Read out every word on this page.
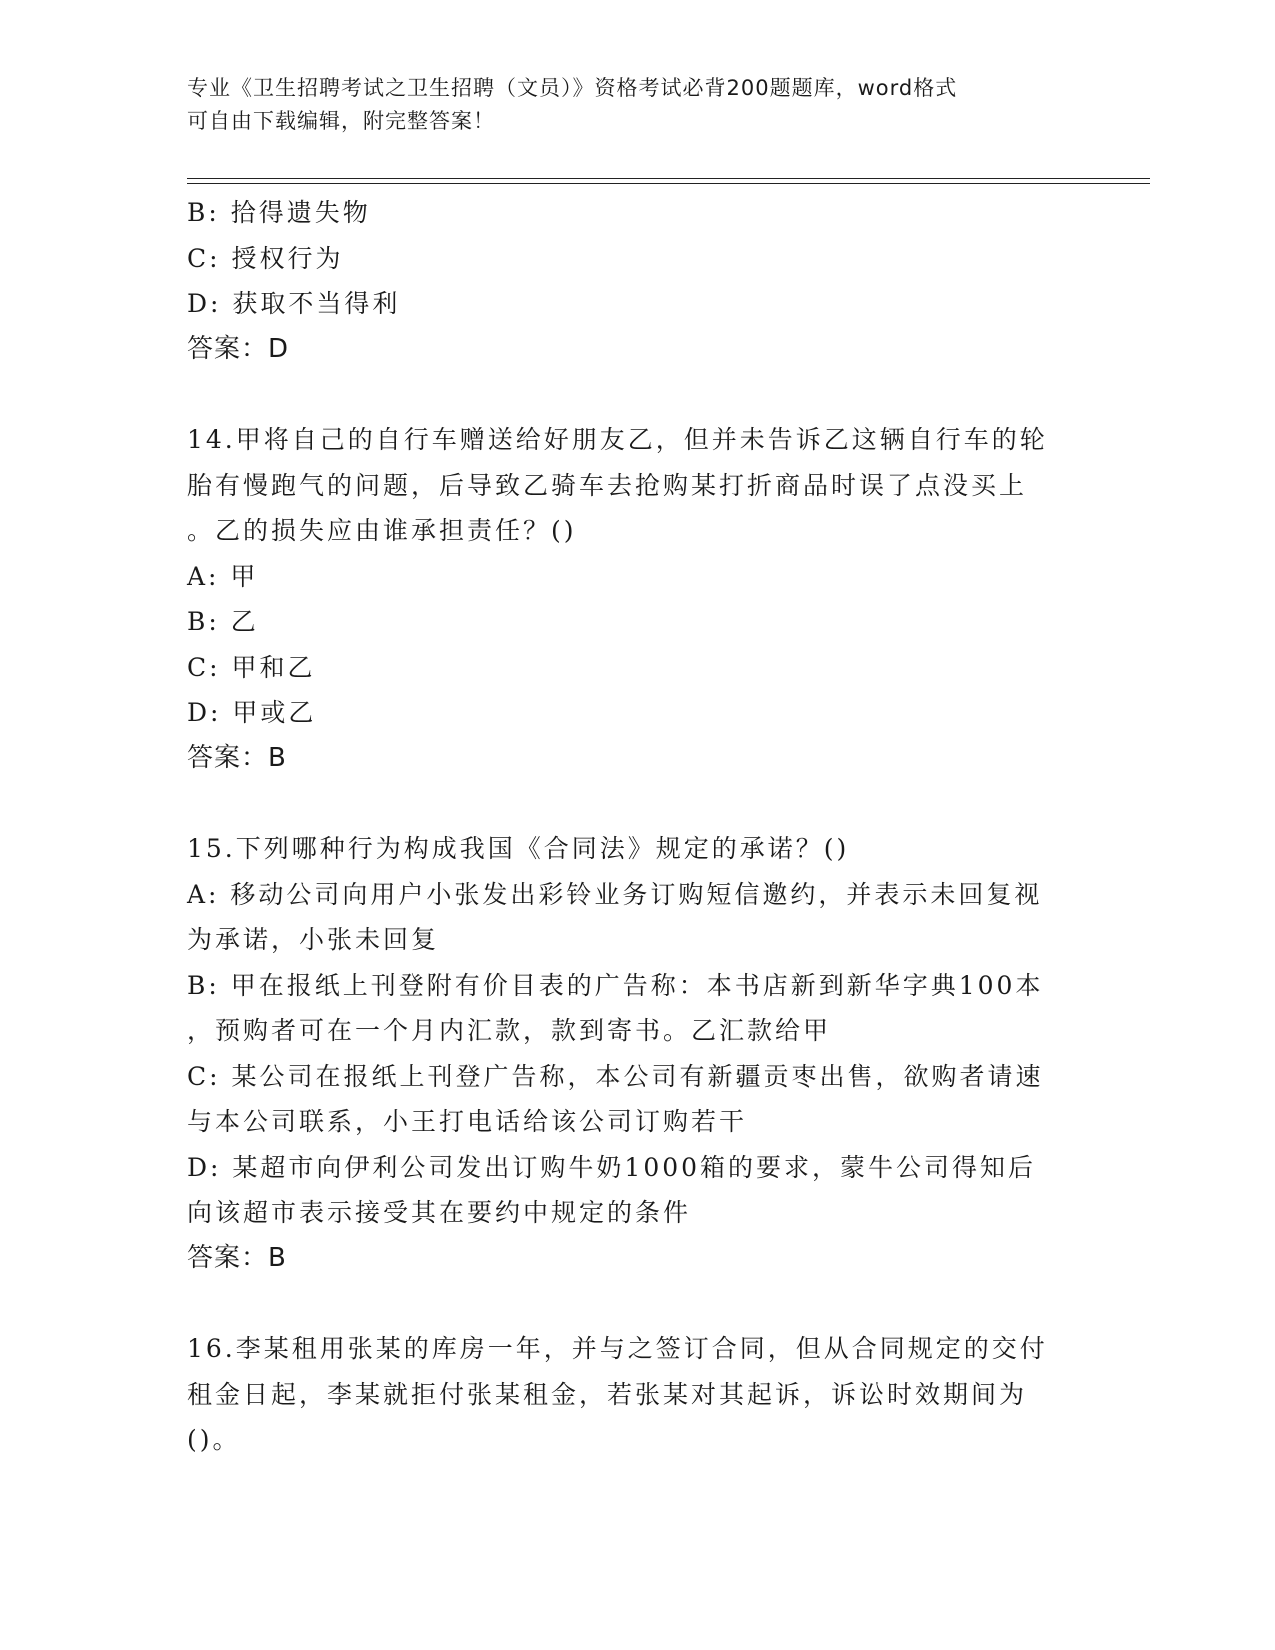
专业《卫生招聘考试之卫生招聘（文员）》资格考试必背200题题库，word格式
可自由下载编辑，附完整答案！
B: 拾得遗失物
C: 授权行为
D: 获取不当得利
答案：D
14.甲将自己的自行车赠送给好朋友乙，但并未告诉乙这辆自行车的轮
胎有慢跑气的问题，后导致乙骑车去抢购某打折商品时误了点没买上
。乙的损失应由谁承担责任？()
A: 甲
B: 乙
C: 甲和乙
D: 甲或乙
答案：B
15.下列哪种行为构成我国《合同法》规定的承诺？()
A: 移动公司向用户小张发出彩铃业务订购短信邀约，并表示未回复视
为承诺，小张未回复
B: 甲在报纸上刊登附有价目表的广告称：本书店新到新华字典100本
，预购者可在一个月内汇款，款到寄书。乙汇款给甲
C: 某公司在报纸上刊登广告称，本公司有新疆贡枣出售，欲购者请速
与本公司联系，小王打电话给该公司订购若干
D: 某超市向伊利公司发出订购牛奶1000箱的要求，蒙牛公司得知后
向该超市表示接受其在要约中规定的条件
答案：B
16.李某租用张某的库房一年，并与之签订合同，但从合同规定的交付
租金日起，李某就拒付张某租金，若张某对其起诉，诉讼时效期间为
()。
